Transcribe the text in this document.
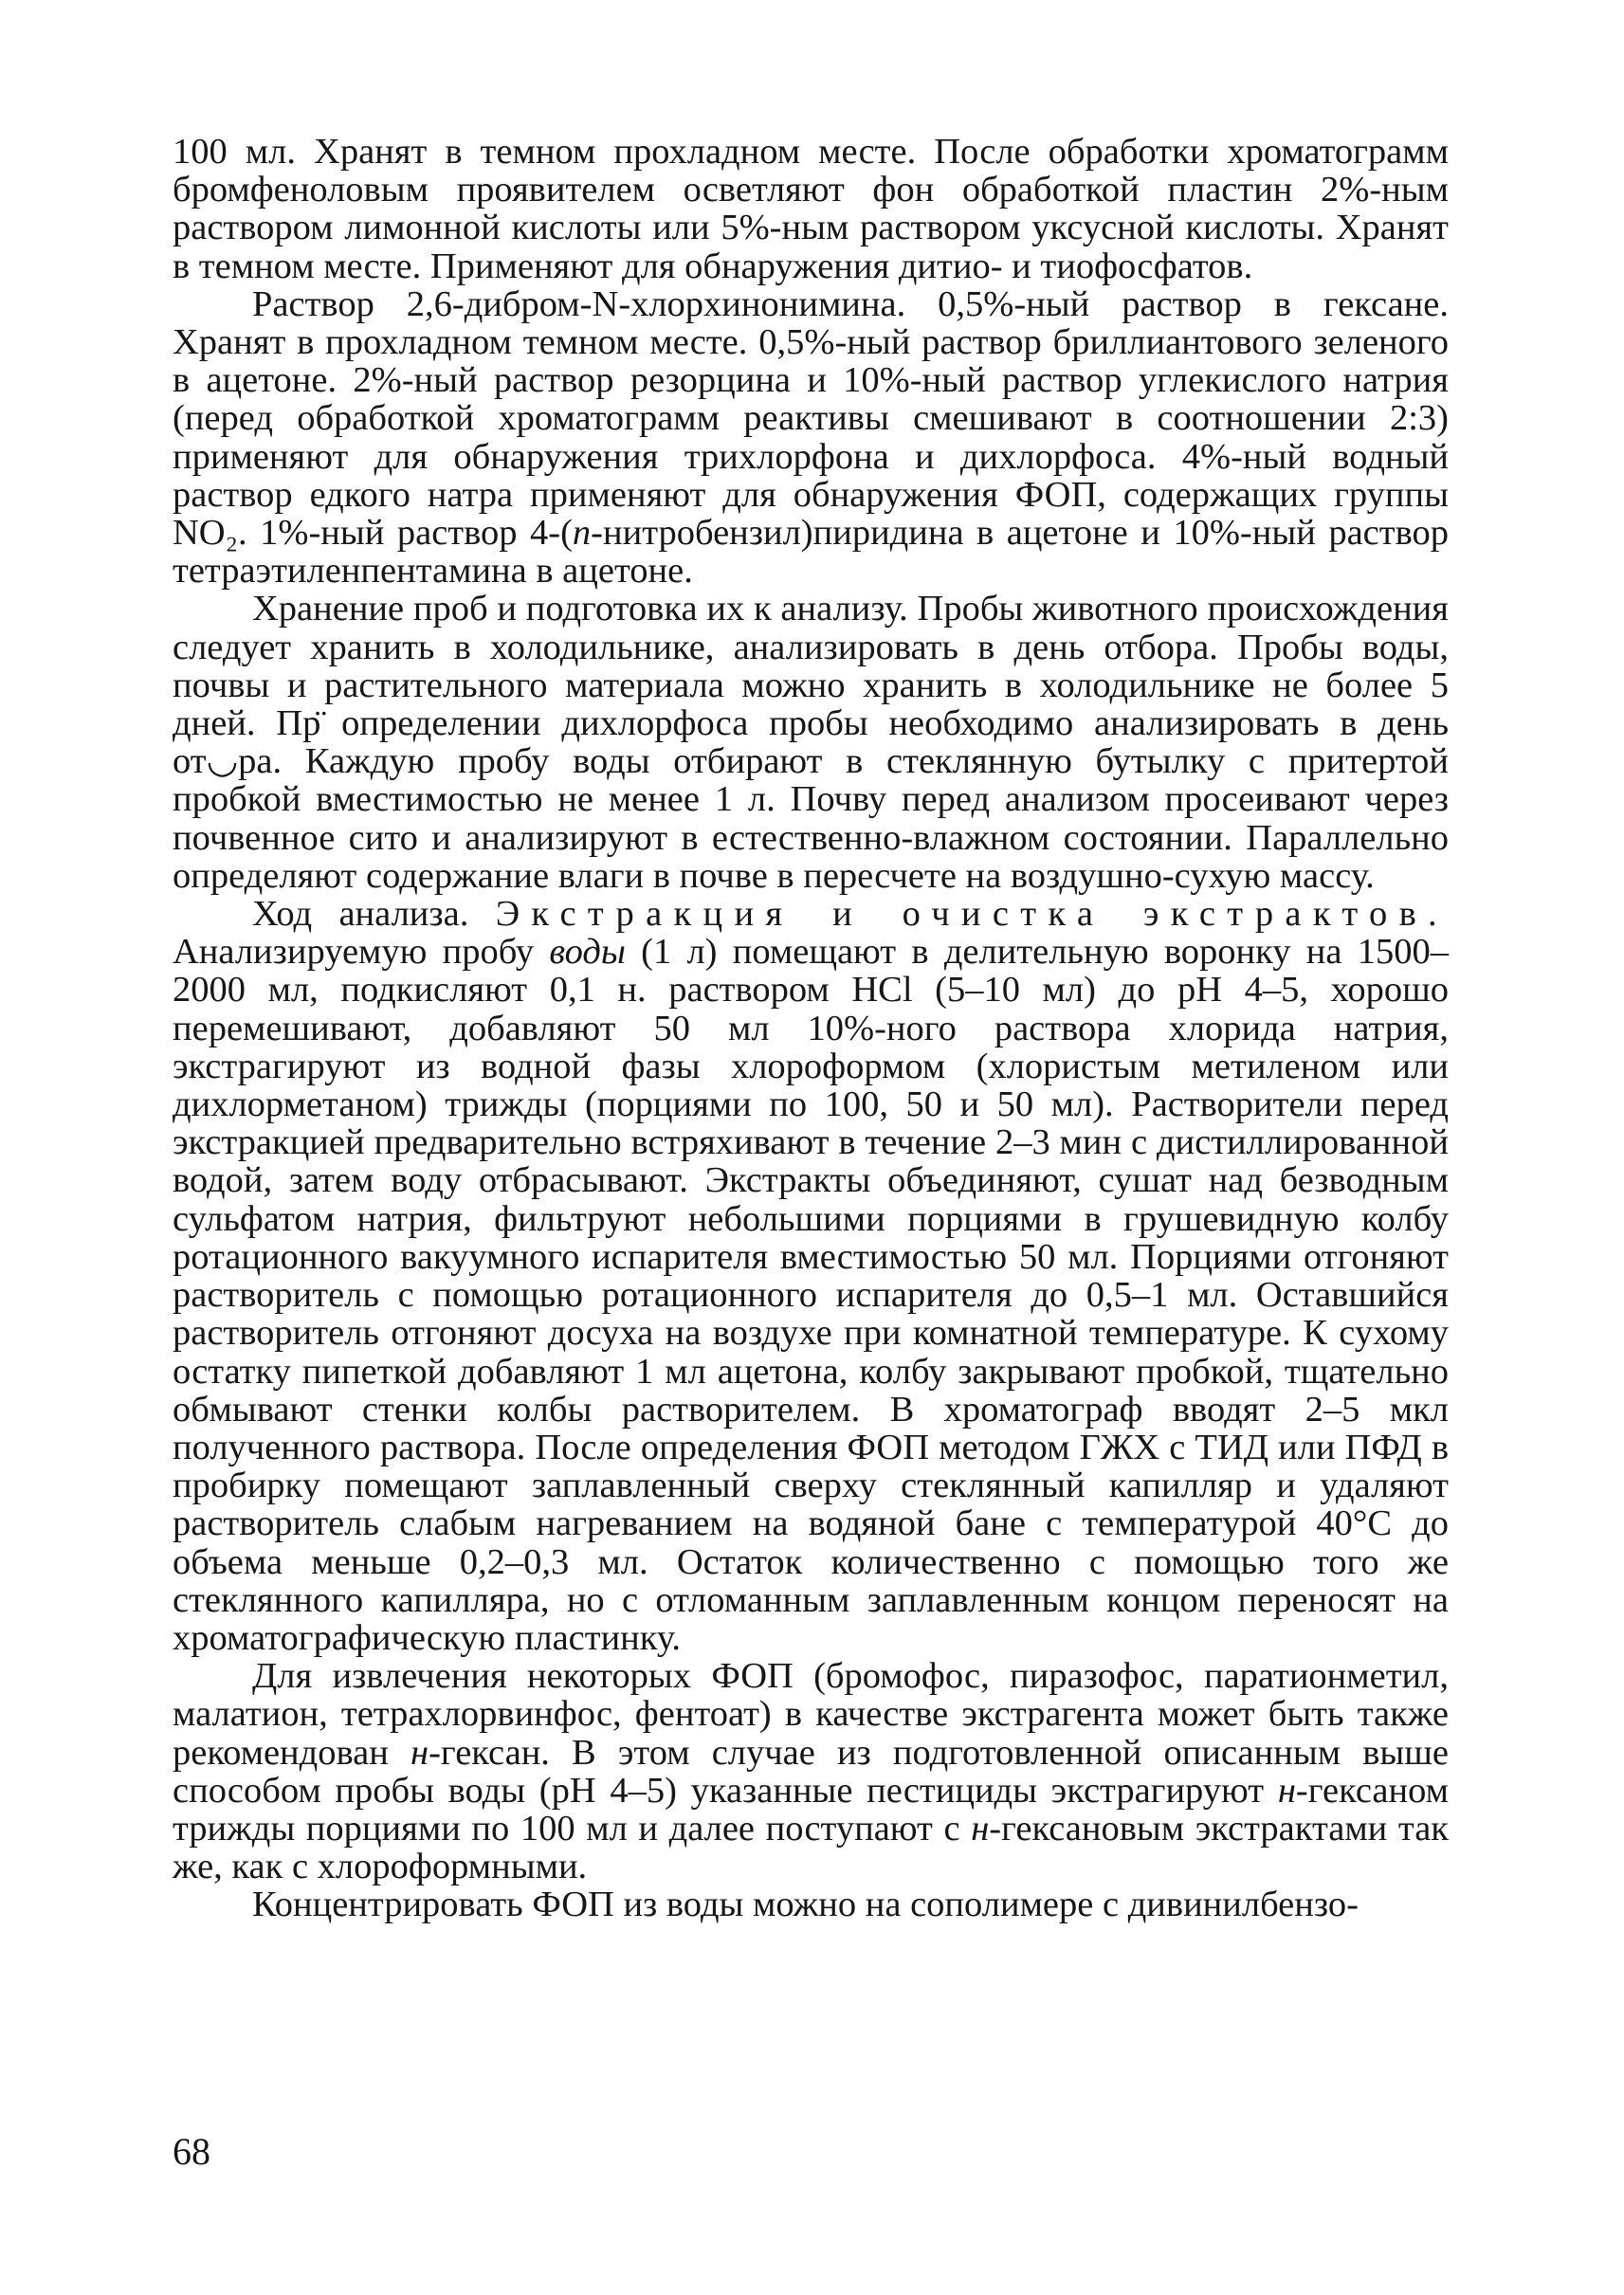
100 мл. Хранят в темном прохладном месте. После обработки хроматограмм бромфеноловым проявителем осветляют фон обработкой пластин 2%-ным раствором лимонной кислоты или 5%-ным раствором уксусной кислоты. Хранят в темном месте. Применяют для обнаружения дитио- и тиофосфатов.

Раствор 2,6-дибром-N-хлорхинонимина. 0,5%-ный раствор в гексане. Хранят в прохладном темном месте. 0,5%-ный раствор бриллиантового зеленого в ацетоне. 2%-ный раствор резорцина и 10%-ный раствор углекислого натрия (перед обработкой хроматограмм реактивы смешивают в соотношении 2:3) применяют для обнаружения трихлорфона и дихлорфоса. 4%-ный водный раствор едкого натра применяют для обнаружения ФОП, содержащих группы NO₂. 1%-ный раствор 4-(п-нитробензил)пиридина в ацетоне и 10%-ный раствор тетраэтиленпентамина в ацетоне.

Хранение проб и подготовка их к анализу. Пробы животного происхождения следует хранить в холодильнике, анализировать в день отбора. Пробы воды, почвы и растительного материала можно хранить в холодильнике не более 5 дней. Пр̈ определении дихлорфоса пробы необходимо анализировать в день от◡ра. Каждую пробу воды отбирают в стеклянную бутылку с притертой пробкой вместимостью не менее 1 л. Почву перед анализом просеивают через почвенное сито и анализируют в естественно-влажном состоянии. Параллельно определяют содержание влаги в почве в пересчете на воздушно-сухую массу.

Ход анализа. Экстракция и очистка экстрактов. Анализируемую пробу воды (1 л) помещают в делительную воронку на 1500–2000 мл, подкисляют 0,1 н. раствором НСl (5–10 мл) до рН 4–5, хорошо перемешивают, добавляют 50 мл 10%-ного раствора хлорида натрия, экстрагируют из водной фазы хлороформом (хлористым метиленом или дихлорметаном) трижды (порциями по 100, 50 и 50 мл). Растворители перед экстракцией предварительно встряхивают в течение 2–3 мин с дистиллированной водой, затем воду отбрасывают. Экстракты объединяют, сушат над безводным сульфатом натрия, фильтруют небольшими порциями в грушевидную колбу ротационного вакуумного испарителя вместимостью 50 мл. Порциями отгоняют растворитель с помощью ротационного испарителя до 0,5–1 мл. Оставшийся растворитель отгоняют досуха на воздухе при комнатной температуре. К сухому остатку пипеткой добавляют 1 мл ацетона, колбу закрывают пробкой, тщательно обмывают стенки колбы растворителем. В хроматограф вводят 2–5 мкл полученного раствора. После определения ФОП методом ГЖХ с ТИД или ПФД в пробирку помещают заплавленный сверху стеклянный капилляр и удаляют растворитель слабым нагреванием на водяной бане с температурой 40°С до объема меньше 0,2–0,3 мл. Остаток количественно с помощью того же стеклянного капилляра, но с отломанным заплавленным концом переносят на хроматографическую пластинку.

Для извлечения некоторых ФОП (бромофос, пиразофос, паратионметил, малатион, тетрахлорвинфос, фентоат) в качестве экстрагента может быть также рекомендован н-гексан. В этом случае из подготовленной описанным выше способом пробы воды (рН 4–5) указанные пестициды экстрагируют н-гексаном трижды порциями по 100 мл и далее поступают с н-гексановым экстрактами так же, как с хлороформными.

Концентрировать ФОП из воды можно на сополимере с дивинилбензо-

68
